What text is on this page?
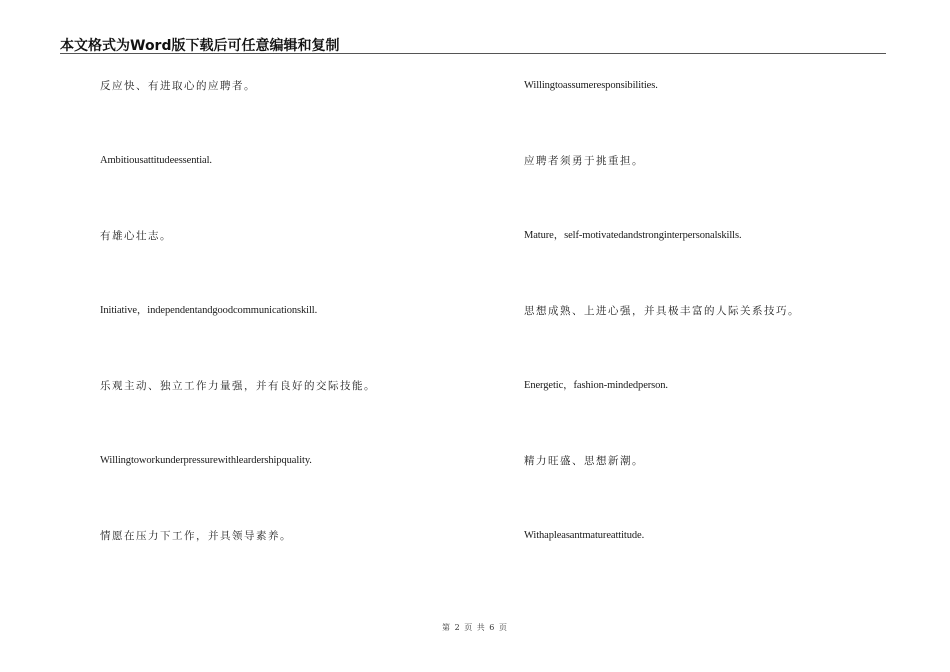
本文格式为Word版下载后可任意编辑和复制
反应快、有进取心的应聘者。
Ambitiousattitudeessential.
有雄心壮志。
Initiative，independentandgoodcommunicationskill.
乐观主动、独立工作力量强，并有良好的交际技能。
Willingtoworkunderpressurewithleardershipquality.
情愿在压力下工作，并具领导素养。
Willingtoassumeresponsibilities.
应聘者须勇于挑重担。
Mature，self-motivatedandstronginterpersonalskills.
思想成熟、上进心强，并具极丰富的人际关系技巧。
Energetic，fashion-mindedperson.
精力旺盛、思想新潮。
Withapleasantmatureattitude.
第 2 页 共 6 页
